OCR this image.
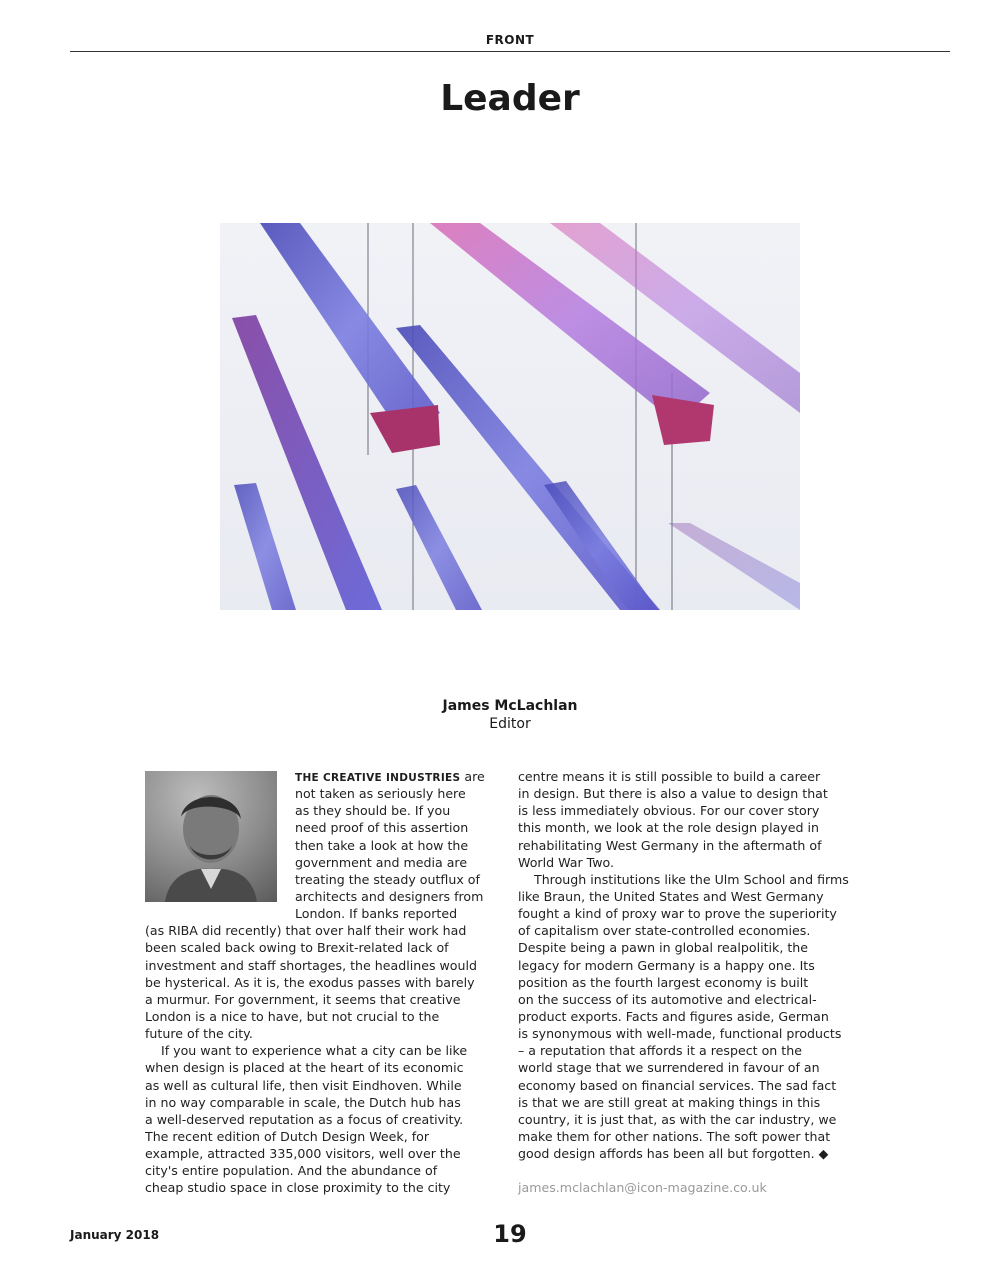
FRONT
Leader
James McLachlan
Editor
THE CREATIVE INDUSTRIES are
not taken as seriously here
as they should be. If you
need proof of this assertion
then take a look at how the
government and media are
treating the steady outflux of
architects and designers from
London. If banks reported
(as RIBA did recently) that over half their work had
been scaled back owing to Brexit-related lack of
investment and staff shortages, the headlines would
be hysterical. As it is, the exodus passes with barely
a murmur. For government, it seems that creative
London is a nice to have, but not crucial to the
future of the city.
If you want to experience what a city can be like
when design is placed at the heart of its economic
as well as cultural life, then visit Eindhoven. While
in no way comparable in scale, the Dutch hub has
a well-deserved reputation as a focus of creativity.
The recent edition of Dutch Design Week, for
example, attracted 335,000 visitors, well over the
city's entire population. And the abundance of
cheap studio space in close proximity to the city
centre means it is still possible to build a career
in design. But there is also a value to design that
is less immediately obvious. For our cover story
this month, we look at the role design played in
rehabilitating West Germany in the aftermath of
World War Two.
Through institutions like the Ulm School and firms
like Braun, the United States and West Germany
fought a kind of proxy war to prove the superiority
of capitalism over state-controlled economies.
Despite being a pawn in global realpolitik, the
legacy for modern Germany is a happy one. Its
position as the fourth largest economy is built
on the success of its automotive and electrical-
product exports. Facts and figures aside, German
is synonymous with well-made, functional products
– a reputation that affords it a respect on the
world stage that we surrendered in favour of an
economy based on financial services. The sad fact
is that we are still great at making things in this
country, it is just that, as with the car industry, we
make them for other nations. The soft power that
good design affords has been all but forgotten. ◆
james.mclachlan@icon-magazine.co.uk
January 2018	19
